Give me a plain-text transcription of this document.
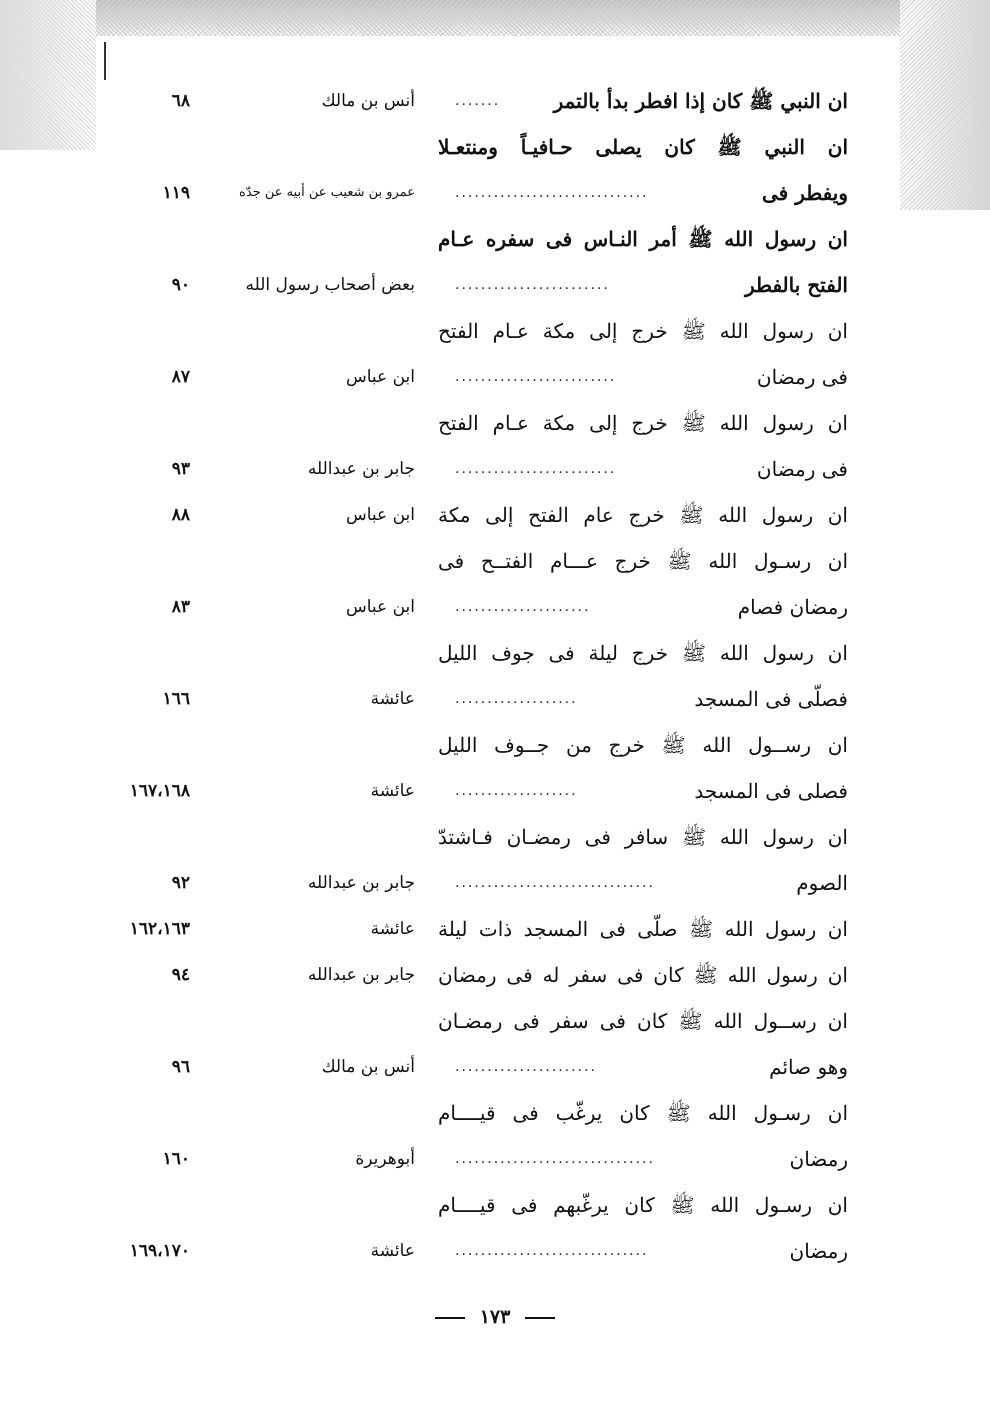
ان النبي ﷺ كان إذا افطر بدأ بالتمر
.......
أنس بن مالك
٦٨
ان النبي ﷺ كان يصلى حـافيـاً ومنتعـلا
ويفطر فى
..............................
عمرو بن شعيب عن أبيه عن جدّه
١١٩
ان رسول الله ﷺ أمر النـاس فى سفره عـام
الفتح بالفطر
........................
بعض أصحاب رسول الله
٩٠
ان رسول الله ﷺ خرج إلى مكة عـام الفتح
فى رمضان
.........................
ابن عباس
٨٧
ان رسول الله ﷺ خرج إلى مكة عـام الفتح
فى رمضان
.........................
جابر بن عبدالله
٩٣
ان رسول الله ﷺ خرج عام الفتح إلى مكة
ابن عباس
٨٨
ان رسـول الله ﷺ خرج عـــام الفتــح فى
رمضان فصام
.....................
ابن عباس
٨٣
ان رسول الله ﷺ خرج ليلة فى جوف الليل
فصلّى فى المسجد
...................
عائشة
١٦٦
ان رســول الله ﷺ خرج من جــوف الليل
فصلى فى المسجد
...................
عائشة
١٦٧،١٦٨
ان رسول الله ﷺ سافر فى رمضـان فـاشتدّ
الصوم
...............................
جابر بن عبدالله
٩٢
ان رسول الله ﷺ صلّى فى المسجد ذات ليلة
عائشة
١٦٢،١٦٣
ان رسول الله ﷺ كان فى سفر له فى رمضان
جابر بن عبدالله
٩٤
ان رســول الله ﷺ كان فى سفر فى رمضـان
وهو صائم
......................
أنس بن مالك
٩٦
ان رسـول الله ﷺ كان يرغّب فى قيــــام
رمضان
...............................
أبوهريرة
١٦٠
ان رسـول الله ﷺ كان يرغّبهم فى قيــــام
رمضان
..............................
عائشة
١٦٩،١٧٠
١٧٣
